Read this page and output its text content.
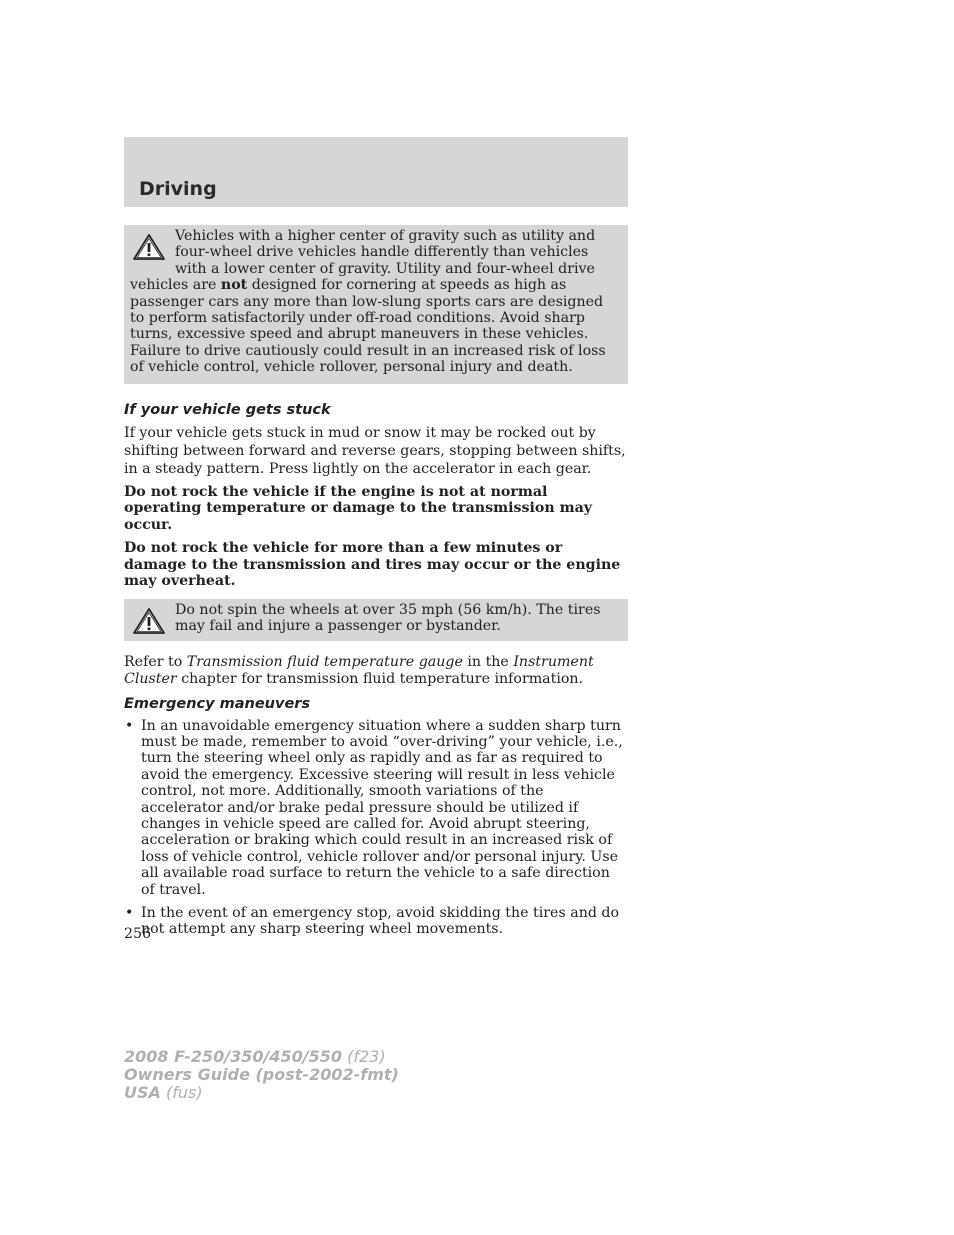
Driving

Vehicles with a higher center of gravity such as utility and four-wheel drive vehicles handle differently than vehicles with a lower center of gravity. Utility and four-wheel drive vehicles are not designed for cornering at speeds as high as passenger cars any more than low-slung sports cars are designed to perform satisfactorily under off-road conditions. Avoid sharp turns, excessive speed and abrupt maneuvers in these vehicles. Failure to drive cautiously could result in an increased risk of loss of vehicle control, vehicle rollover, personal injury and death.

If your vehicle gets stuck

If your vehicle gets stuck in mud or snow it may be rocked out by shifting between forward and reverse gears, stopping between shifts, in a steady pattern. Press lightly on the accelerator in each gear.

Do not rock the vehicle if the engine is not at normal operating temperature or damage to the transmission may occur.

Do not rock the vehicle for more than a few minutes or damage to the transmission and tires may occur or the engine may overheat.

Do not spin the wheels at over 35 mph (56 km/h). The tires may fail and injure a passenger or bystander.

Refer to Transmission fluid temperature gauge in the Instrument Cluster chapter for transmission fluid temperature information.

Emergency maneuvers
• In an unavoidable emergency situation where a sudden sharp turn must be made, remember to avoid “over-driving” your vehicle, i.e., turn the steering wheel only as rapidly and as far as required to avoid the emergency. Excessive steering will result in less vehicle control, not more. Additionally, smooth variations of the accelerator and/or brake pedal pressure should be utilized if changes in vehicle speed are called for. Avoid abrupt steering, acceleration or braking which could result in an increased risk of loss of vehicle control, vehicle rollover and/or personal injury. Use all available road surface to return the vehicle to a safe direction of travel.
• In the event of an emergency stop, avoid skidding the tires and do not attempt any sharp steering wheel movements.
256
2008 F-250/350/450/550 (f23)
Owners Guide (post-2002-fmt)
USA (fus)
